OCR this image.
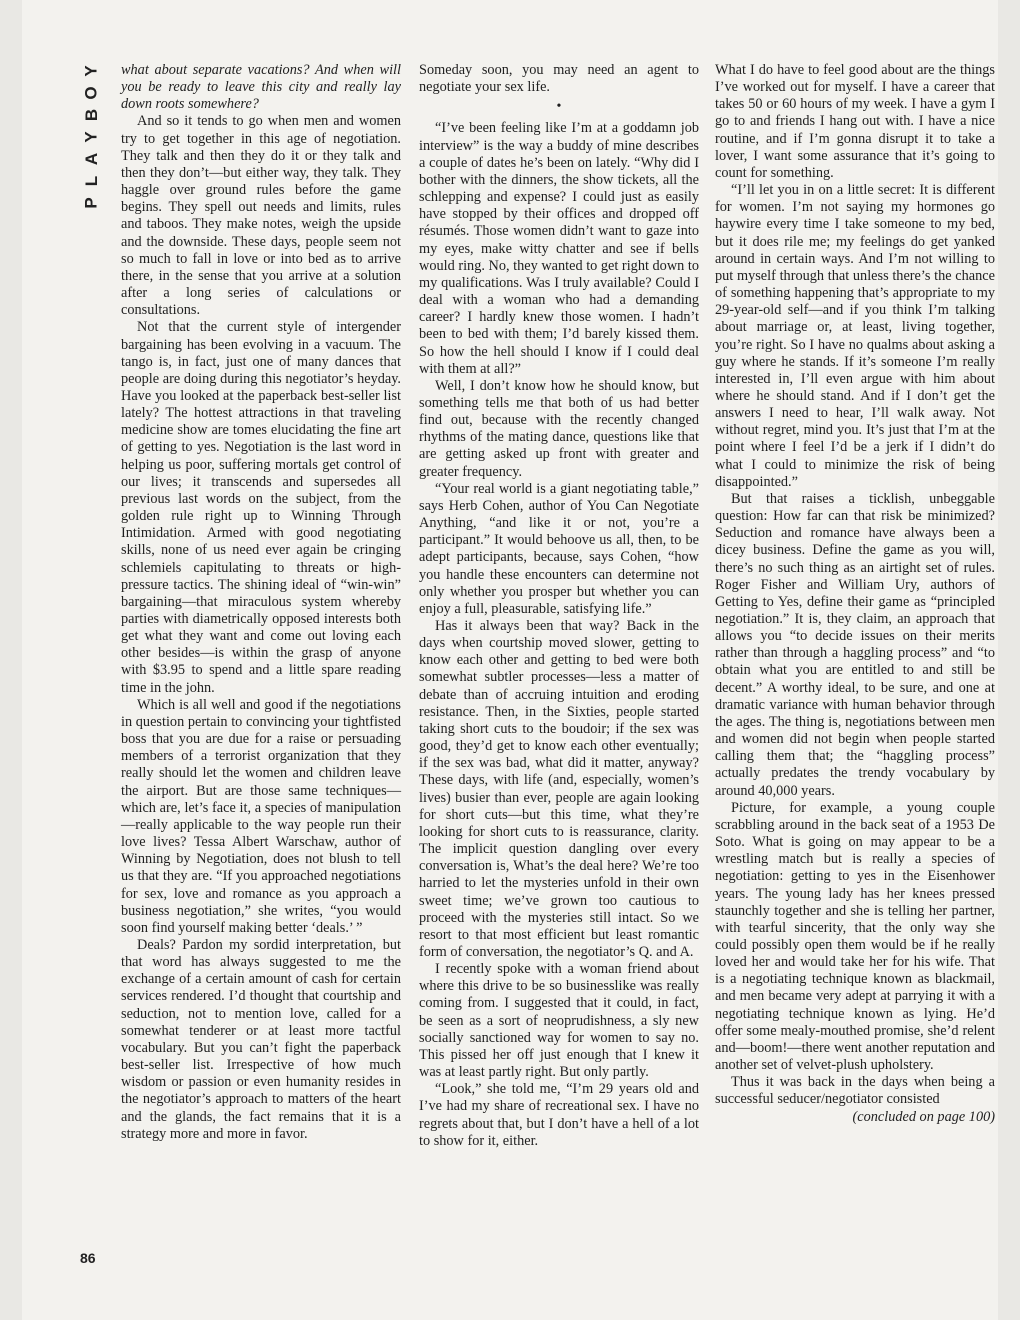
Y
O
B
Y
A
L
P
86

what about separate vacations? And when will you be ready to leave this city and really lay down roots somewhere?

And so it tends to go when men and women try to get together in this age of negotiation. They talk and then they do it or they talk and then they don’t—but either way, they talk. They haggle over ground rules before the game begins. They spell out needs and limits, rules and taboos. They make notes, weigh the upside and the downside. These days, people seem not so much to fall in love or into bed as to arrive there, in the sense that you arrive at a solution after a long series of calculations or consultations.

Not that the current style of intergender bargaining has been evolving in a vacuum. The tango is, in fact, just one of many dances that people are doing during this negotiator’s heyday. Have you looked at the paperback best-seller list lately? The hottest attractions in that traveling medicine show are tomes elucidating the fine art of getting to yes. Negotiation is the last word in helping us poor, suffering mortals get control of our lives; it transcends and supersedes all previous last words on the subject, from the golden rule right up to Winning Through Intimidation. Armed with good negotiating skills, none of us need ever again be cringing schlemiels capitulating to threats or high-pressure tactics. The shining ideal of “win-win” bargaining—that miraculous system whereby parties with diametrically opposed interests both get what they want and come out loving each other besides—is within the grasp of anyone with $3.95 to spend and a little spare reading time in the john.

Which is all well and good if the negotiations in question pertain to convincing your tightfisted boss that you are due for a raise or persuading members of a terrorist organization that they really should let the women and children leave the airport. But are those same techniques—which are, let’s face it, a species of manipulation—really applicable to the way people run their love lives? Tessa Albert Warschaw, author of Winning by Negotiation, does not blush to tell us that they are. “If you approached negotiations for sex, love and romance as you approach a business negotiation,” she writes, “you would soon find yourself making better ‘deals.’ ”

Deals? Pardon my sordid interpretation, but that word has always suggested to me the exchange of a certain amount of cash for certain services rendered. I’d thought that courtship and seduction, not to mention love, called for a somewhat tenderer or at least more tactful vocabulary. But you can’t fight the paperback best-seller list. Irrespective of how much wisdom or passion or even humanity resides in the negotiator’s approach to matters of the heart and the glands, the fact remains that it is a strategy more and more in favor.

Someday soon, you may need an agent to negotiate your sex life.

•

“I’ve been feeling like I’m at a goddamn job interview” is the way a buddy of mine describes a couple of dates he’s been on lately. “Why did I bother with the dinners, the show tickets, all the schlepping and expense? I could just as easily have stopped by their offices and dropped off résumés. Those women didn’t want to gaze into my eyes, make witty chatter and see if bells would ring. No, they wanted to get right down to my qualifications. Was I truly available? Could I deal with a woman who had a demanding career? I hardly knew those women. I hadn’t been to bed with them; I’d barely kissed them. So how the hell should I know if I could deal with them at all?”

Well, I don’t know how he should know, but something tells me that both of us had better find out, because with the recently changed rhythms of the mating dance, questions like that are getting asked up front with greater and greater frequency.

“Your real world is a giant negotiating table,” says Herb Cohen, author of You Can Negotiate Anything, “and like it or not, you’re a participant.” It would behoove us all, then, to be adept participants, because, says Cohen, “how you handle these encounters can determine not only whether you prosper but whether you can enjoy a full, pleasurable, satisfying life.”

Has it always been that way? Back in the days when courtship moved slower, getting to know each other and getting to bed were both somewhat subtler processes—less a matter of debate than of accruing intuition and eroding resistance. Then, in the Sixties, people started taking short cuts to the boudoir; if the sex was good, they’d get to know each other eventually; if the sex was bad, what did it matter, anyway? These days, with life (and, especially, women’s lives) busier than ever, people are again looking for short cuts—but this time, what they’re looking for short cuts to is reassurance, clarity. The implicit question dangling over every conversation is, What’s the deal here? We’re too harried to let the mysteries unfold in their own sweet time; we’ve grown too cautious to proceed with the mysteries still intact. So we resort to that most efficient but least romantic form of conversation, the negotiator’s Q. and A.

I recently spoke with a woman friend about where this drive to be so businesslike was really coming from. I suggested that it could, in fact, be seen as a sort of neoprudishness, a sly new socially sanctioned way for women to say no. This pissed her off just enough that I knew it was at least partly right. But only partly.

“Look,” she told me, “I’m 29 years old and I’ve had my share of recreational sex. I have no regrets about that, but I don’t have a hell of a lot to show for it, either.

What I do have to feel good about are the things I’ve worked out for myself. I have a career that takes 50 or 60 hours of my week. I have a gym I go to and friends I hang out with. I have a nice routine, and if I’m gonna disrupt it to take a lover, I want some assurance that it’s going to count for something.

“I’ll let you in on a little secret: It is different for women. I’m not saying my hormones go haywire every time I take someone to my bed, but it does rile me; my feelings do get yanked around in certain ways. And I’m not willing to put myself through that unless there’s the chance of something happening that’s appropriate to my 29-year-old self—and if you think I’m talking about marriage or, at least, living together, you’re right. So I have no qualms about asking a guy where he stands. If it’s someone I’m really interested in, I’ll even argue with him about where he should stand. And if I don’t get the answers I need to hear, I’ll walk away. Not without regret, mind you. It’s just that I’m at the point where I feel I’d be a jerk if I didn’t do what I could to minimize the risk of being disappointed.”

But that raises a ticklish, unbeggable question: How far can that risk be minimized? Seduction and romance have always been a dicey business. Define the game as you will, there’s no such thing as an airtight set of rules. Roger Fisher and William Ury, authors of Getting to Yes, define their game as “principled negotiation.” It is, they claim, an approach that allows you “to decide issues on their merits rather than through a haggling process” and “to obtain what you are entitled to and still be decent.” A worthy ideal, to be sure, and one at dramatic variance with human behavior through the ages. The thing is, negotiations between men and women did not begin when people started calling them that; the “haggling process” actually predates the trendy vocabulary by around 40,000 years.

Picture, for example, a young couple scrabbling around in the back seat of a 1953 De Soto. What is going on may appear to be a wrestling match but is really a species of negotiation: getting to yes in the Eisenhower years. The young lady has her knees pressed staunchly together and she is telling her partner, with tearful sincerity, that the only way she could possibly open them would be if he really loved her and would take her for his wife. That is a negotiating technique known as blackmail, and men became very adept at parrying it with a negotiating technique known as lying. He’d offer some mealy-mouthed promise, she’d relent and—boom!—there went another reputation and another set of velvet-plush upholstery.

Thus it was back in the days when being a successful seducer/negotiator consisted

(concluded on page 100)
